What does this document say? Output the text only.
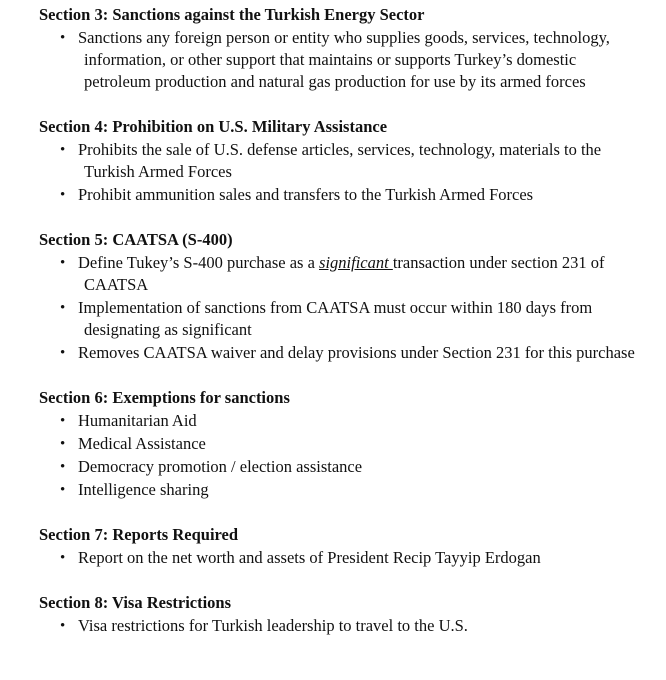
Section 3: Sanctions against the Turkish Energy Sector

• Sanctions any foreign person or entity who supplies goods, services, technology, information, or other support that maintains or supports Turkey’s domestic petroleum production and natural gas production for use by its armed forces

Section 4: Prohibition on U.S. Military Assistance

• Prohibits the sale of U.S. defense articles, services, technology, materials to the Turkish Armed Forces
• Prohibit ammunition sales and transfers to the Turkish Armed Forces

Section 5: CAATSA (S-400)

• Define Tukey’s S-400 purchase as a significant transaction under section 231 of CAATSA
• Implementation of sanctions from CAATSA must occur within 180 days from designating as significant
• Removes CAATSA waiver and delay provisions under Section 231 for this purchase

Section 6: Exemptions for sanctions

• Humanitarian Aid
• Medical Assistance
• Democracy promotion / election assistance
• Intelligence sharing

Section 7: Reports Required

• Report on the net worth and assets of President Recip Tayyip Erdogan

Section 8: Visa Restrictions

• Visa restrictions for Turkish leadership to travel to the U.S.
